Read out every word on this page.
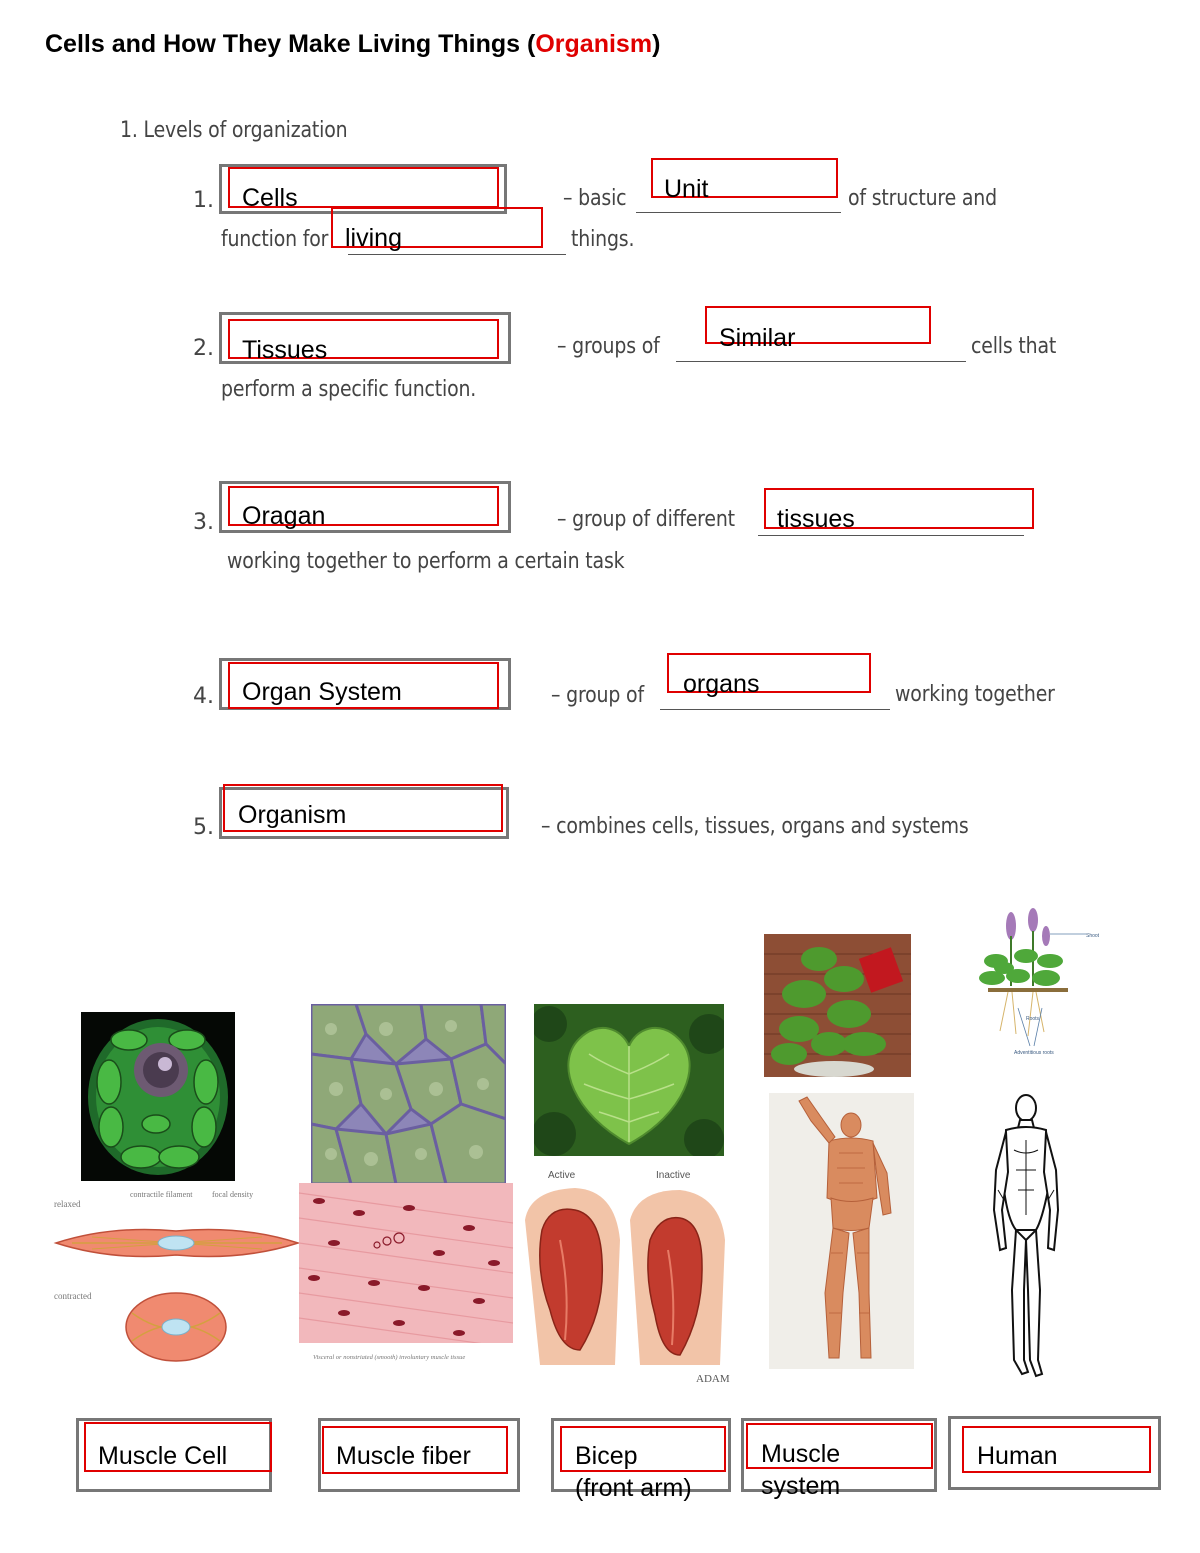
Cells and How They Make Living Things (Organism)
1. Levels of organization
1. Cells	– basic Unit	of structure and
function for living	things.
2. Tissues	– groups of Similar	cells that
perform a specific function.
3. Oragan	– group of different tissues
working together to perform a certain task
4. Organ System	– group of organs	working together
5. Organism	– combines cells, tissues, organs and systems
relaxed
contractile filament focal density
contracted
Visceral or nonstriated (smooth) involuntary muscle tissue
Active	Inactive
ADAM
Shoot
Roots
Adventitious roots
Muscle Cell	Muscle fiber	Bicep
(front arm)
Muscle
system
Human
